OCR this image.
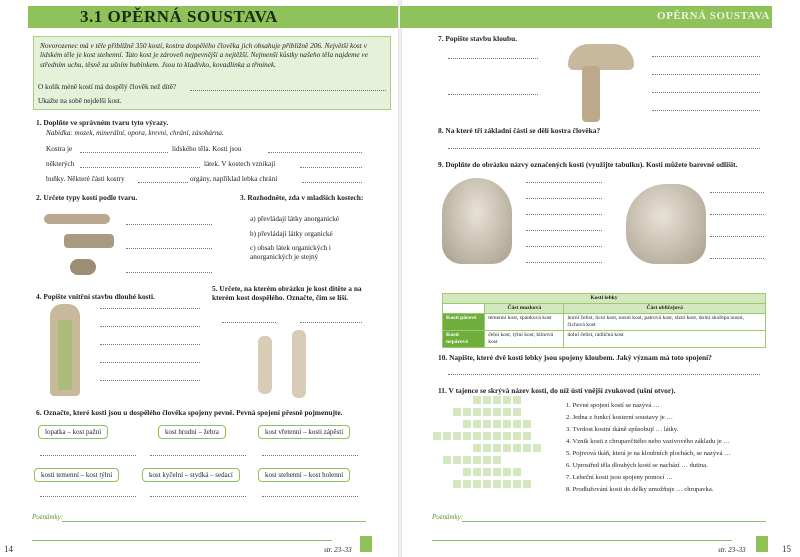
3.1 OPĚRNÁ SOUSTAVA
Novorozenec má v těle přibližně 350 kostí, kostra dospělého člověka jich obsahuje přibližně 206. Největší kost v lidském těle je kost stehenní. Tato kost je zároveň nejpevnější a nejtěžší. Nejmenší kůstky našeho těla najdeme ve středním uchu, těsně za ušním bubínkem. Jsou to kladívko, kovadlinka a třmínek.
O kolik méně kostí má dospělý člověk než dítě?
Ukažte na sobě nejdelší kost.
1. Doplňte ve správném tvaru tyto výrazy.
Nabídka: mozek, minerální, opora, krevní, chrání, zásobárna.
Kostra je	lidského těla. Kosti jsou
některých	látek. V kostech vznikají
buňky. Některé části kostry	orgány, například lebka chrání
2. Určete typy kostí podle tvaru.	3. Rozhodněte, zda v mladších kostech:
a) převládají látky anorganické
b) převládají látky organické
c) obsah látek organických i anorganických je stejný
4. Popište vnitřní stavbu dlouhé kosti.
5. Určete, na kterém obrázku je kost dítěte a na kterém kost dospělého. Označte, čím se liší.
6. Označte, které kosti jsou u dospělého člověka spojeny pevně. Pevná spojení přesně pojmenujte.
lopatka – kost pažní	kost hrudní – žebra	kost vřetenní – kosti zápěstí
kosti temenní – kost týlní	kost kyčelní – stydká – sedací	kost stehenní – kost holenní
Poznámky:
14	str. 23–33
OPĚRNÁ SOUSTAVA
7. Popište stavbu kloubu.
8. Na které tři základní části se dělí kostra člověka?
9. Doplňte do obrázku názvy označených kostí (využijte tabulku). Kosti můžete barevně odlišit.
Kosti lebky		
	Část mozková	Část obličejová
Kosti párové	temenní kost, spánková kost	horní čelist, lícní kost, nosní kost, patrová kost, slzní kost, dolní skořepa nosní, čichová kost
Kosti nepárové	čelní kost, týlní kost, klínová kost	dolní čelist, radličná kost
10. Napište, které dvě kosti lebky jsou spojeny kloubem. Jaký význam má toto spojení?
11. V tajence se skrývá název kosti, do níž ústí vnější zvukovod (ušní otvor).
1. Pevné spojení kostí se nazývá …
2. Jedna z funkcí kosterní soustavy je …
3. Tvrdost kostní tkáně způsobují … látky.
4. Vznik kosti z chrupavčitého nebo vazivového základu je …
5. Pojivová tkáň, která je na kloubních plochách, se nazývá …
6. Uprostřed těla dlouhých kostí se nachází … dutina.
7. Lebeční kosti jsou spojeny pomocí …
8. Prodlužování kosti do délky umožňuje … chrupavka.
Poznámky:
str. 23–33	15
